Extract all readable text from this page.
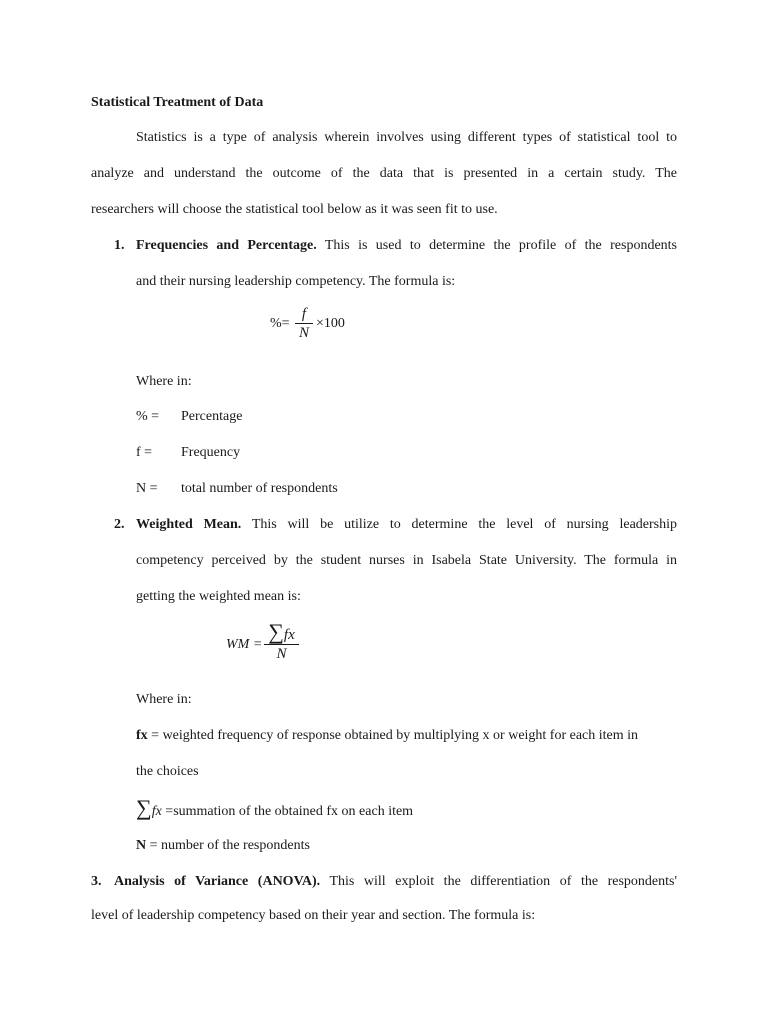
Statistical Treatment of Data
Statistics is a type of analysis wherein involves using different types of statistical tool to
analyze and understand the outcome of the data that is presented in a certain study. The
researchers will choose the statistical tool below as it was seen fit to use.
1. Frequencies and Percentage. This is used to determine the profile of the respondents
and their nursing leadership competency. The formula is:
%=
f
N
×100
Where in:
% = Percentage
f = Frequency
N = total number of respondents
2. Weighted Mean. This will be utilize to determine the level of nursing leadership
competency perceived by the student nurses in Isabela State University. The formula in
getting the weighted mean is:
WM =
∑fx
N
Where in:
fx = weighted frequency of response obtained by multiplying x or weight for each item in
the choices
∑fx =summation of the obtained fx on each item
N = number of the respondents
3. Analysis of Variance (ANOVA). This will exploit the differentiation of the respondents'
level of leadership competency based on their year and section. The formula is:
